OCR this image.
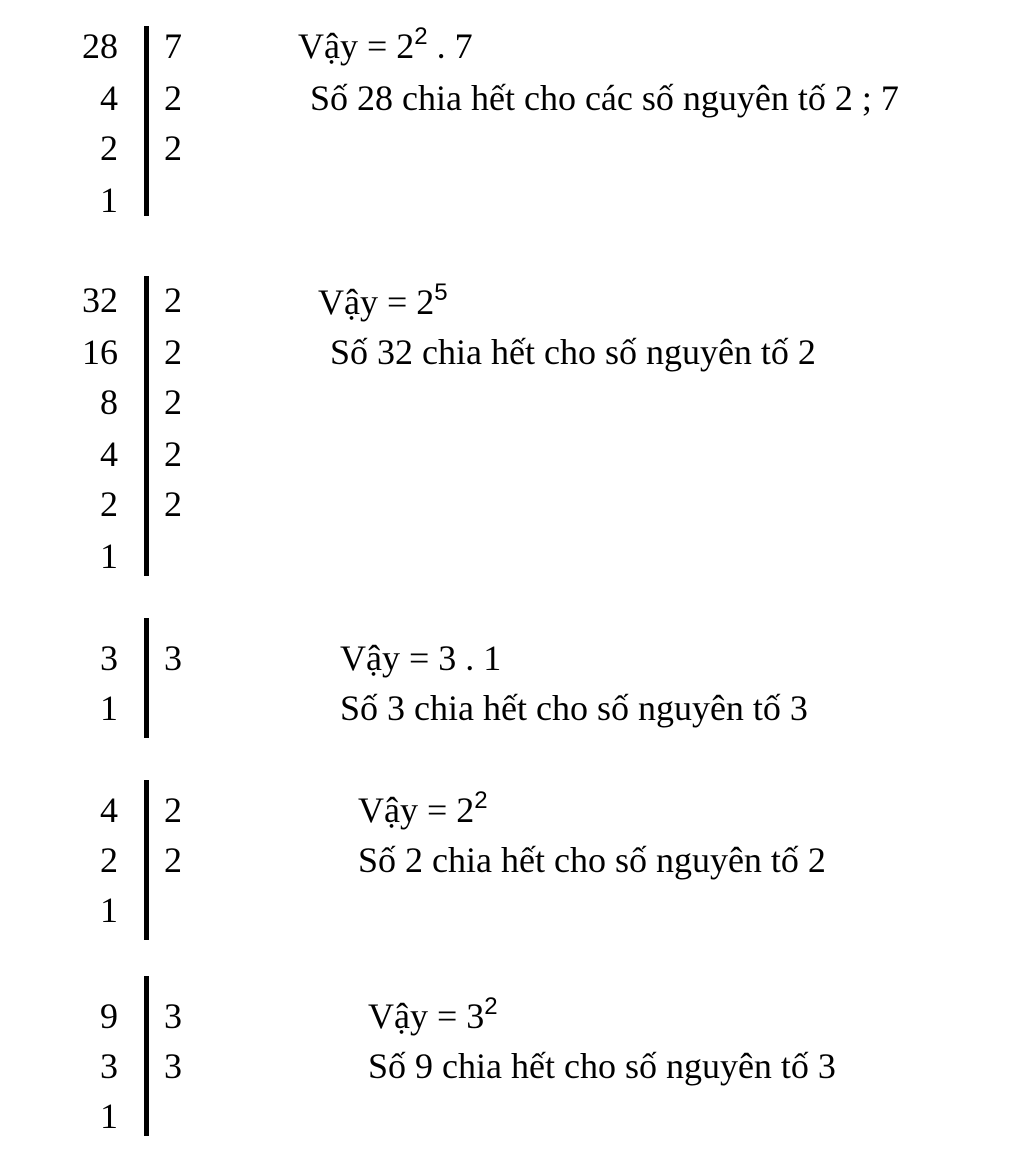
28 7
4 2
2 2
1
Vậy = $2^2$ . 7
Số 28 chia hết cho các số nguyên tố 2 ; 7
32 2
16 2
8 2
4 2
2 2
1
Vậy = $2^5$
Số 32 chia hết cho số nguyên tố 2
3 3
1
Vậy = 3 . 1
Số 3 chia hết cho số nguyên tố 3
4 2
2 2
1
Vậy = $2^2$
Số 2 chia hết cho số nguyên tố 2
9 3
3 3
1
Vậy = $3^2$
Số 9 chia hết cho số nguyên tố 3
